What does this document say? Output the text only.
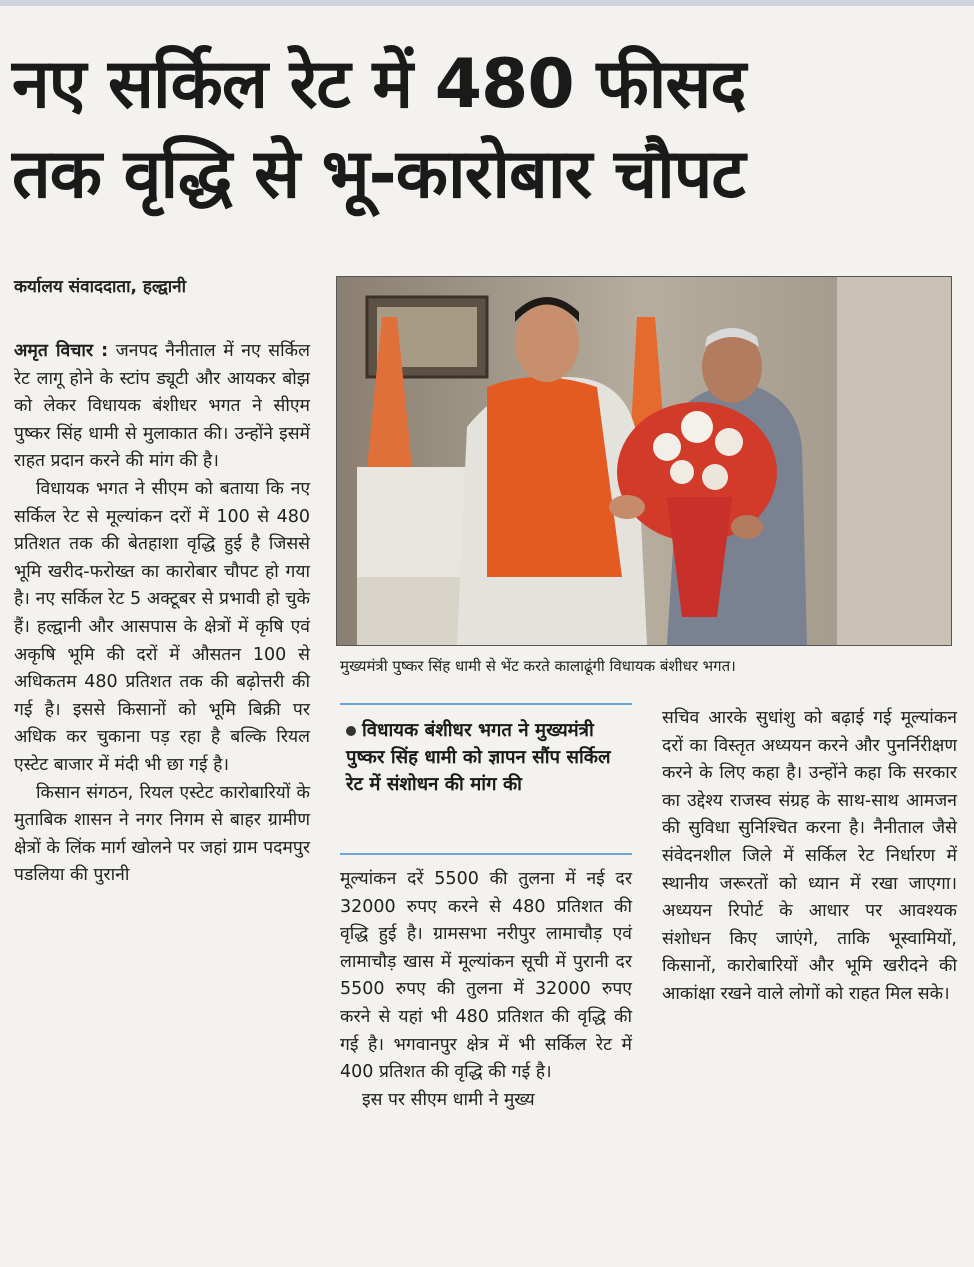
नए सर्किल रेट में 480 फीसद
तक वृद्धि से भू-कारोबार चौपट
कर्यालय संवाददाता, हल्द्वानी
मुख्यमंत्री पुष्कर सिंह धामी से भेंट करते कालाढूंगी विधायक बंशीधर भगत।
विधायक बंशीधर भगत ने मुख्यमंत्री पुष्कर सिंह धामी को ज्ञापन सौंप सर्किल रेट में संशोधन की मांग की

अमृत विचार : जनपद नैनीताल में नए सर्किल रेट लागू होने के स्टांप ड्यूटी और आयकर बोझ को लेकर विधायक बंशीधर भगत ने सीएम पुष्कर सिंह धामी से मुलाकात की। उन्होंने इसमें राहत प्रदान करने की मांग की है।

विधायक भगत ने सीएम को बताया कि नए सर्किल रेट से मूल्यांकन दरों में 100 से 480 प्रतिशत तक की बेतहाशा वृद्धि हुई है जिससे भूमि खरीद-फरोख्त का कारोबार चौपट हो गया है। नए सर्किल रेट 5 अक्टूबर से प्रभावी हो चुके हैं। हल्द्वानी और आसपास के क्षेत्रों में कृषि एवं अकृषि भूमि की दरों में औसतन 100 से अधिकतम 480 प्रतिशत तक की बढ़ोत्तरी की गई है। इससे किसानों को भूमि बिक्री पर अधिक कर चुकाना पड़ रहा है बल्कि रियल एस्टेट बाजार में मंदी भी छा गई है।

किसान संगठन, रियल एस्टेट कारोबारियों के मुताबिक शासन ने नगर निगम से बाहर ग्रामीण क्षेत्रों के लिंक मार्ग खोलने पर जहां ग्राम पदमपुर पडलिया की पुरानी	मूल्यांकन दरें 5500 की तुलना में नई दर 32000 रुपए करने से 480 प्रतिशत की वृद्धि हुई है। ग्रामसभा नरीपुर लामाचौड़ एवं लामाचौड़ खास में मूल्यांकन सूची में पुरानी दर 5500 रुपए की तुलना में 32000 रुपए करने से यहां भी 480 प्रतिशत की वृद्धि की गई है। भगवानपुर क्षेत्र में भी सर्किल रेट में 400 प्रतिशत की वृद्धि की गई है।

इस पर सीएम धामी ने मुख्य

सचिव आरके सुधांशु को बढ़ाई गई मूल्यांकन दरों का विस्तृत अध्ययन करने और पुनर्निरीक्षण करने के लिए कहा है। उन्होंने कहा कि सरकार का उद्देश्य राजस्व संग्रह के साथ-साथ आमजन की सुविधा सुनिश्चित करना है। नैनीताल जैसे संवेदनशील जिले में सर्किल रेट निर्धारण में स्थानीय जरूरतों को ध्यान में रखा जाएगा। अध्ययन रिपोर्ट के आधार पर आवश्यक संशोधन किए जाएंगे, ताकि भूस्वामियों, किसानों, कारोबारियों और भूमि खरीदने की आकांक्षा रखने वाले लोगों को राहत मिल सके।
